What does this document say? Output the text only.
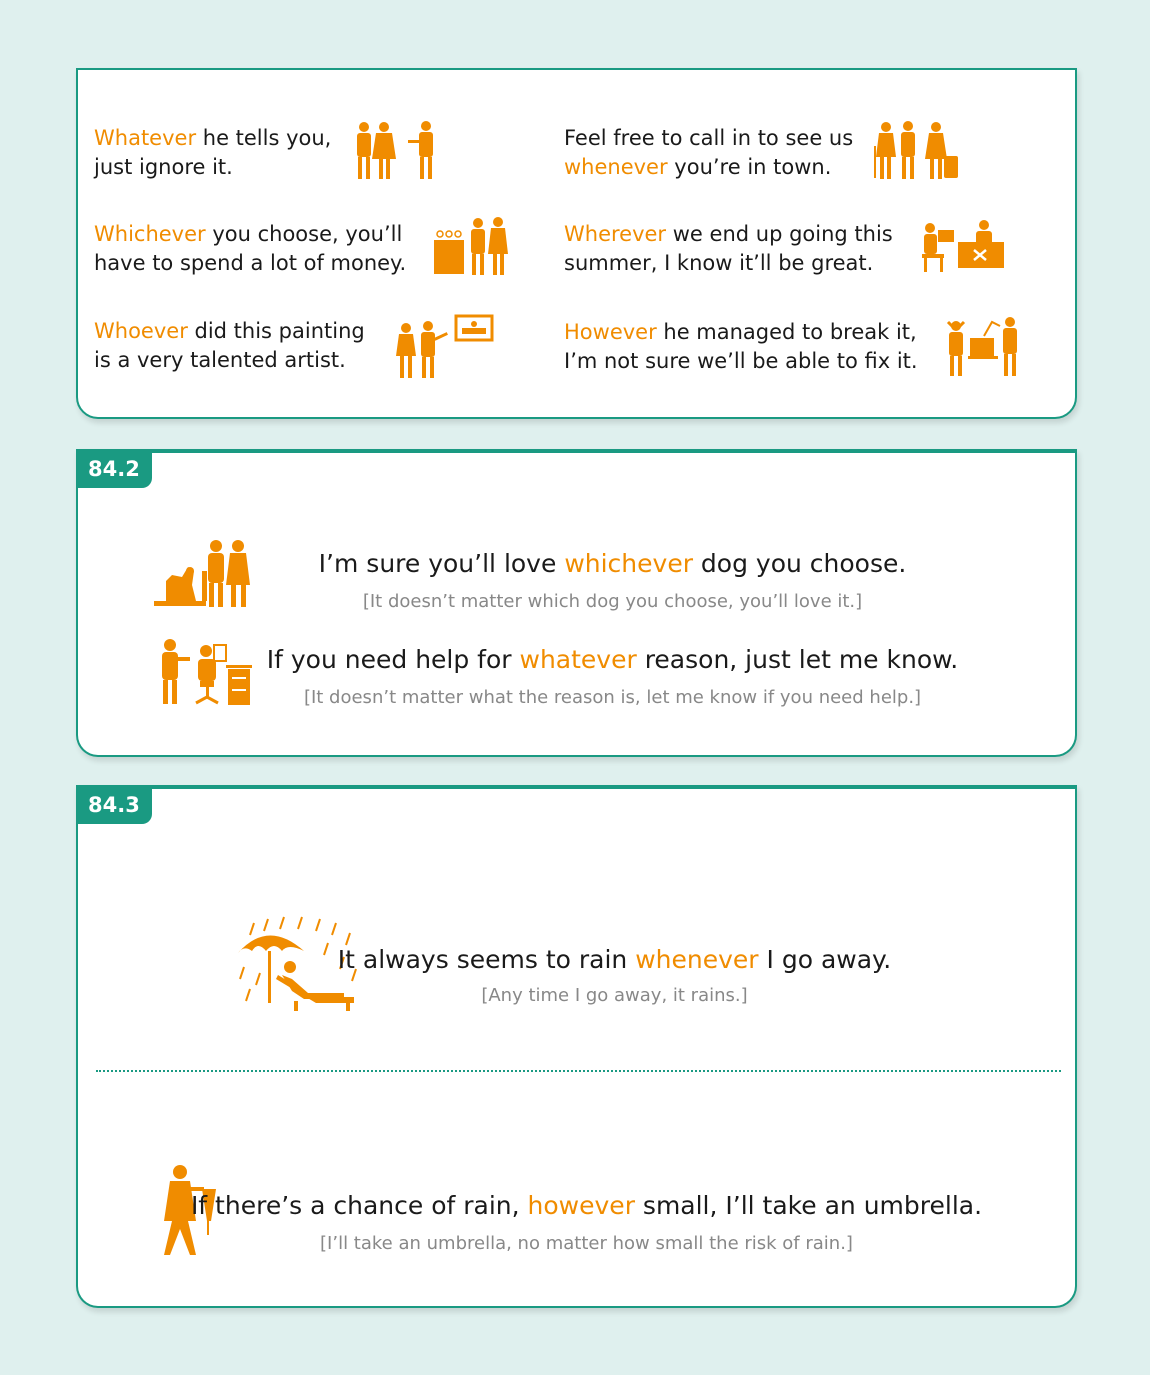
Whatever he tells you,
just ignore it.
Feel free to call in to see us
whenever you’re in town.
Whichever you choose, you’ll
have to spend a lot of money.
Wherever we end up going this
summer, I know it’ll be great.
Whoever did this painting
is a very talented artist.
However he managed to break it,
I’m not sure we’ll be able to fix it.
84.2
I’m sure you’ll love whichever dog you choose.
[It doesn’t matter which dog you choose, you’ll love it.]
If you need help for whatever reason, just let me know.
[It doesn’t matter what the reason is, let me know if you need help.]
84.3
It always seems to rain whenever I go away.
[Any time I go away, it rains.]
If there’s a chance of rain, however small, I’ll take an umbrella.
[I’ll take an umbrella, no matter how small the risk of rain.]
